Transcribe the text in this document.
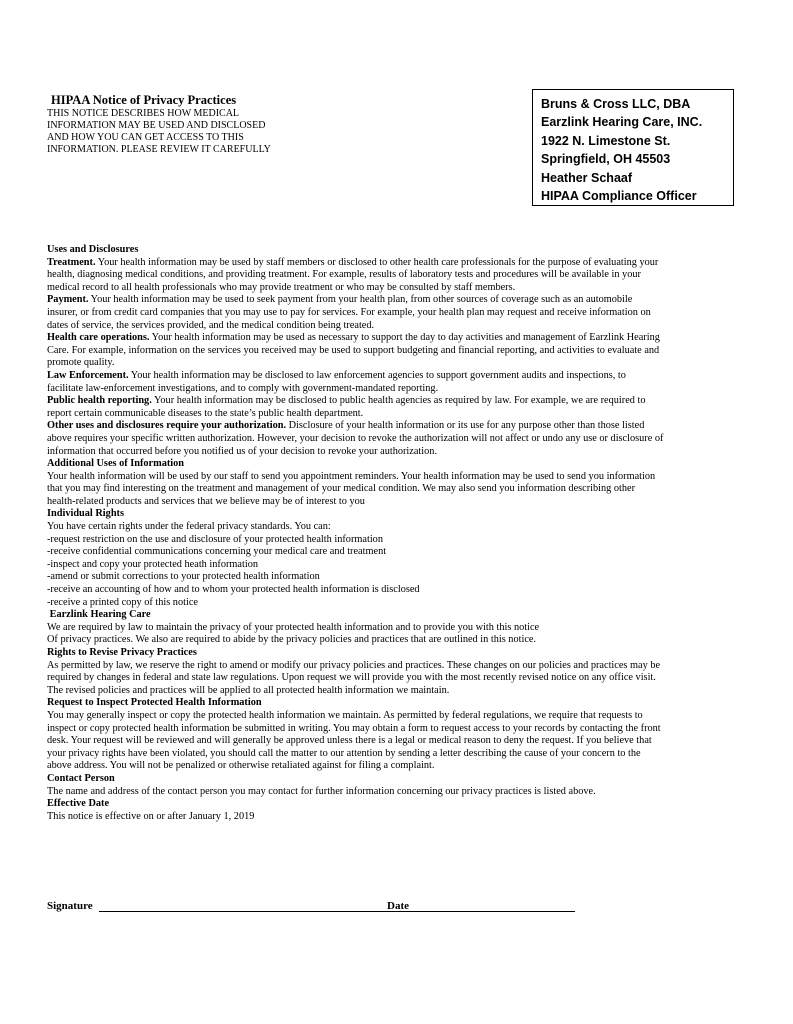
HIPAA Notice of Privacy Practices
THIS NOTICE DESCRIBES HOW MEDICAL
INFORMATION MAY BE USED AND DISCLOSED
AND HOW YOU CAN GET ACCESS TO THIS
INFORMATION. PLEASE REVIEW IT CAREFULLY
Bruns & Cross LLC, DBA
Earzlink Hearing Care, INC.
1922 N. Limestone St.
Springfield, OH 45503
Heather Schaaf
HIPAA Compliance Officer

Uses and Disclosures

Treatment. Your health information may be used by staff members or disclosed to other health care professionals for the purpose of evaluating your
health, diagnosing medical conditions, and providing treatment. For example, results of laboratory tests and procedures will be available in your
medical record to all health professionals who may provide treatment or who may be consulted by staff members.
Payment. Your health information may be used to seek payment from your health plan, from other sources of coverage such as an automobile
insurer, or from credit card companies that you may use to pay for services. For example, your health plan may request and receive information on
dates of service, the services provided, and the medical condition being treated.
Health care operations. Your health information may be used as necessary to support the day to day activities and management of Earzlink Hearing
Care. For example, information on the services you received may be used to support budgeting and financial reporting, and activities to evaluate and
promote quality.
Law Enforcement. Your health information may be disclosed to law enforcement agencies to support government audits and inspections, to
facilitate law-enforcement investigations, and to comply with government-mandated reporting.
Public health reporting. Your health information may be disclosed to public health agencies as required by law. For example, we are required to
report certain communicable diseases to the state’s public health department.
Other uses and disclosures require your authorization. Disclosure of your health information or its use for any purpose other than those listed
above requires your specific written authorization. However, your decision to revoke the authorization will not affect or undo any use or disclosure of
information that occurred before you notified us of your decision to revoke your authorization.

Additional Uses of Information

Your health information will be used by our staff to send you appointment reminders. Your health information may be used to send you information
that you may find interesting on the treatment and management of your medical condition. We may also send you information describing other
health-related products and services that we believe may be of interest to you

Individual Rights

You have certain rights under the federal privacy standards. You can:
-request restriction on the use and disclosure of your protected health information
-receive confidential communications concerning your medical care and treatment
-inspect and copy your protected heath information
-amend or submit corrections to your protected health information
-receive an accounting of how and to whom your protected health information is disclosed
-receive a printed copy of this notice

Earzlink Hearing Care

We are required by law to maintain the privacy of your protected health information and to provide you with this notice
Of privacy practices. We also are required to abide by the privacy policies and practices that are outlined in this notice.

Rights to Revise Privacy Practices

As permitted by law, we reserve the right to amend or modify our privacy policies and practices. These changes on our policies and practices may be
required by changes in federal and state law regulations. Upon request we will provide you with the most recently revised notice on any office visit.
The revised policies and practices will be applied to all protected health information we maintain.

Request to Inspect Protected Health Information

You may generally inspect or copy the protected health information we maintain. As permitted by federal regulations, we require that requests to
inspect or copy protected health information be submitted in writing. You may obtain a form to request access to your records by contacting the front
desk. Your request will be reviewed and will generally be approved unless there is a legal or medical reason to deny the request. If you believe that
your privacy rights have been violated, you should call the matter to our attention by sending a letter describing the cause of your concern to the
above address. You will not be penalized or otherwise retaliated against for filing a complaint.

Contact Person

The name and address of the contact person you may contact for further information concerning our privacy practices is listed above.

Effective Date

This notice is effective on or after January 1, 2019
Signature	Date
